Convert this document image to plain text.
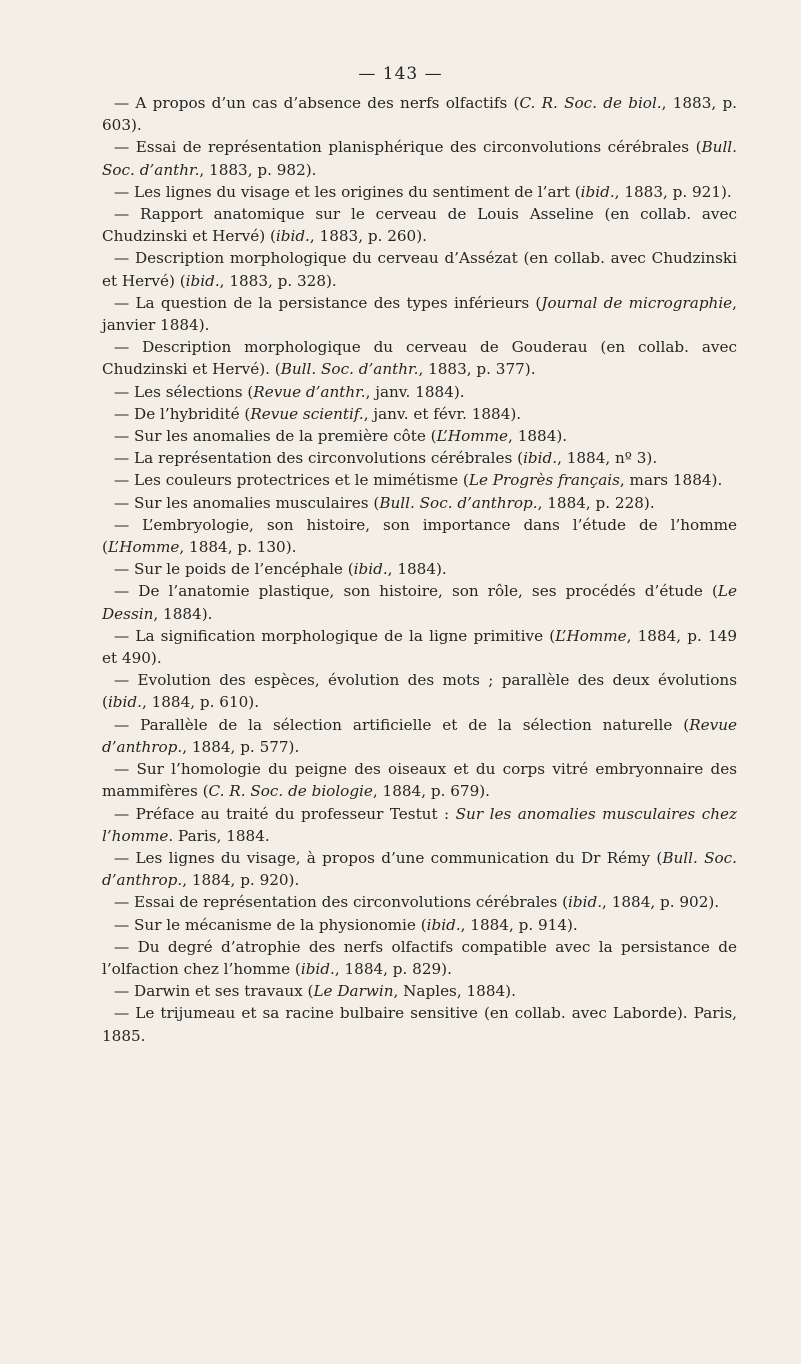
— 143 —
— A propos d’un cas d’absence des nerfs olfactifs (C. R. Soc. de biol., 1883, p. 603).
— Essai de représentation planisphérique des circonvolutions cérébrales (Bull. Soc. d’anthr., 1883, p. 982).
— Les lignes du visage et les origines du sentiment de l’art (ibid., 1883, p. 921).
— Rapport anatomique sur le cerveau de Louis Asseline (en collab. avec Chudzinski et Hervé) (ibid., 1883, p. 260).
— Description morphologique du cerveau d’Assézat (en collab. avec Chudzinski et Hervé) (ibid., 1883, p. 328).
— La question de la persistance des types inférieurs (Journal de micrographie, janvier 1884).
— Description morphologique du cerveau de Gouderau (en collab. avec Chudzinski et Hervé). (Bull. Soc. d’anthr., 1883, p. 377).
— Les sélections (Revue d’anthr., janv. 1884).
— De l’hybridité (Revue scientif., janv. et févr. 1884).
— Sur les anomalies de la première côte (L’Homme, 1884).
— La représentation des circonvolutions cérébrales (ibid., 1884, nº 3).
— Les couleurs protectrices et le mimétisme (Le Progrès français, mars 1884).
— Sur les anomalies musculaires (Bull. Soc. d’anthrop., 1884, p. 228).
— L’embryologie, son histoire, son importance dans l’étude de l’homme (L’Homme, 1884, p. 130).
— Sur le poids de l’encéphale (ibid., 1884).
— De l’anatomie plastique, son histoire, son rôle, ses procédés d’étude (Le Dessin, 1884).
— La signification morphologique de la ligne primitive (L’Homme, 1884, p. 149 et 490).
— Evolution des espèces, évolution des mots ; parallèle des deux évolutions (ibid., 1884, p. 610).
— Parallèle de la sélection artificielle et de la sélection naturelle (Revue d’anthrop., 1884, p. 577).
— Sur l’homologie du peigne des oiseaux et du corps vitré embryonnaire des mammifères (C. R. Soc. de biologie, 1884, p. 679).
— Préface au traité du professeur Testut : Sur les anomalies musculaires chez l’homme. Paris, 1884.
— Les lignes du visage, à propos d’une communication du Dr Rémy (Bull. Soc. d’anthrop., 1884, p. 920).
— Essai de représentation des circonvolutions cérébrales (ibid., 1884, p. 902).
— Sur le mécanisme de la physionomie (ibid., 1884, p. 914).
— Du degré d’atrophie des nerfs olfactifs compatible avec la persistance de l’olfaction chez l’homme (ibid., 1884, p. 829).
— Darwin et ses travaux (Le Darwin, Naples, 1884).
— Le trijumeau et sa racine bulbaire sensitive (en collab. avec Laborde). Paris, 1885.
